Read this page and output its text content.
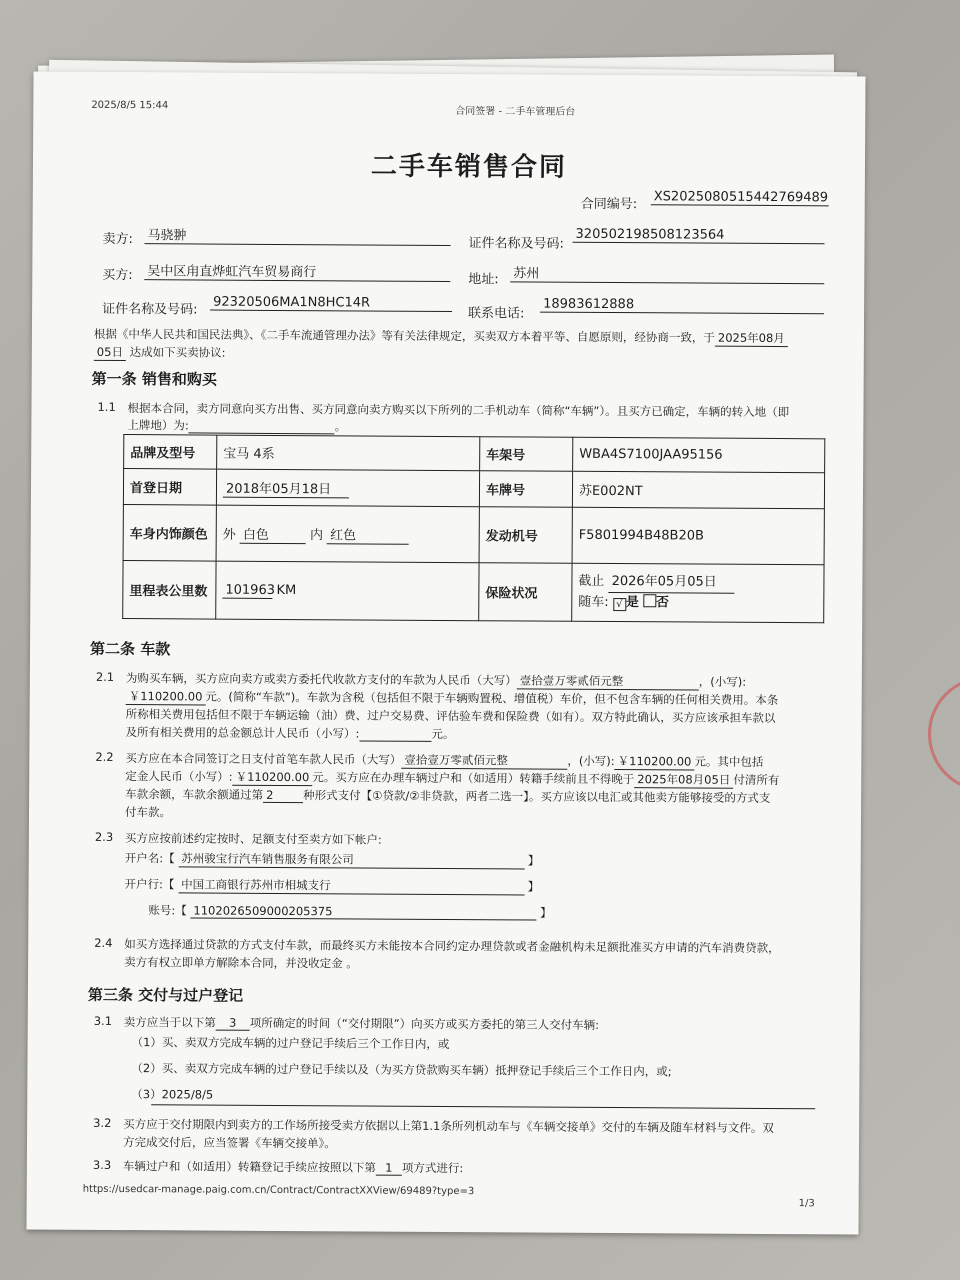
2025/8/5 15:44
合同签署 - 二手车管理后台
二手车销售合同
合同编号: XS2025080515442769489
卖方: 马骁翀
证件名称及号码:
320502198508123564
买方: 吴中区甪直烨虹汽车贸易商行	地址: 苏州
证件名称及号码: 92320506MA1N8HC14R
联系电话:
18983612888
根据《中华人民共和国民法典》、《二手车流通管理办法》等有关法律规定，买卖双方本着平等、自愿原则，经协商一致，于 2025年08月
05日 达成如下买卖协议:
第一条 销售和购买
1.1 根据本合同，卖方同意向买方出售、买方同意向卖方购买以下所列的二手机动车（简称“车辆”）。且买方已确定，车辆的转入地（即
上牌地）为:	。
品牌及型号	宝马 4系	车架号	WBA4S7100JAA95156
首登日期	2018年05月18日	车牌号	苏E002NT
车身内饰颜色	外 白色 内 红色	发动机号	F5801994B48B20B
里程表公里数	101963 KM	保险状况	截止 2026年05月05日
随车: √ 是 否
第二条 车款
2.1 为购买车辆，买方应向卖方或卖方委托代收款方支付的车款为人民币（大写） 壹拾壹万零贰佰元整	，(小写):
￥110200.00 元。(简称“车款”)。车款为含税（包括但不限于车辆购置税、增值税）车价，但不包含车辆的任何相关费用。本条
所称相关费用包括但不限于车辆运输（油）费、过户交易费、评估验车费和保险费（如有）。双方特此确认，买方应该承担车款以
及所有相关费用的总金额总计人民币（小写）:	元。
2.2 买方应在本合同签订之日支付首笔车款人民币（大写） 壹拾壹万零贰佰元整	，(小写): ￥110200.00 元。其中包括
定金人民币（小写）: ￥110200.00 元。买方应在办理车辆过户和（如适用）转籍手续前且不得晚于 2025年08月05日 付清所有
车款余额，车款余额通过第 2	种形式支付【①贷款/②非贷款，两者二选一】。买方应该以电汇或其他卖方能够接受的方式支
付车款。
2.3 买方应按前述约定按时、足额支付至卖方如下帐户:
开户名:【 苏州骏宝行汽车销售服务有限公司	】
开户行:【 中国工商银行苏州市相城支行	】
账号:【 1102026509000205375	】
2.4 如买方选择通过贷款的方式支付车款，而最终买方未能按本合同约定办理贷款或者金融机构未足额批准买方申请的汽车消费贷款，
卖方有权立即单方解除本合同，并没收定金 。
第三条 交付与过户登记
3.1 卖方应当于以下第 3 项所确定的时间（“交付期限”）向买方或买方委托的第三人交付车辆:
（1）买、卖双方完成车辆的过户登记手续后三个工作日内，或
（2）买、卖双方完成车辆的过户登记手续以及（为买方贷款购买车辆）抵押登记手续后三个工作日内，或;
（3）2025/8/5
3.2 买方应于交付期限内到卖方的工作场所接受卖方依据以上第1.1条所列机动车与《车辆交接单》交付的车辆及随车材料与文件。双
方完成交付后，应当签署《车辆交接单》。
3.3 车辆过户和（如适用）转籍登记手续应按照以下第 1 项方式进行:
https://usedcar-manage.paig.com.cn/Contract/ContractXXView/69489?type=3
1/3
